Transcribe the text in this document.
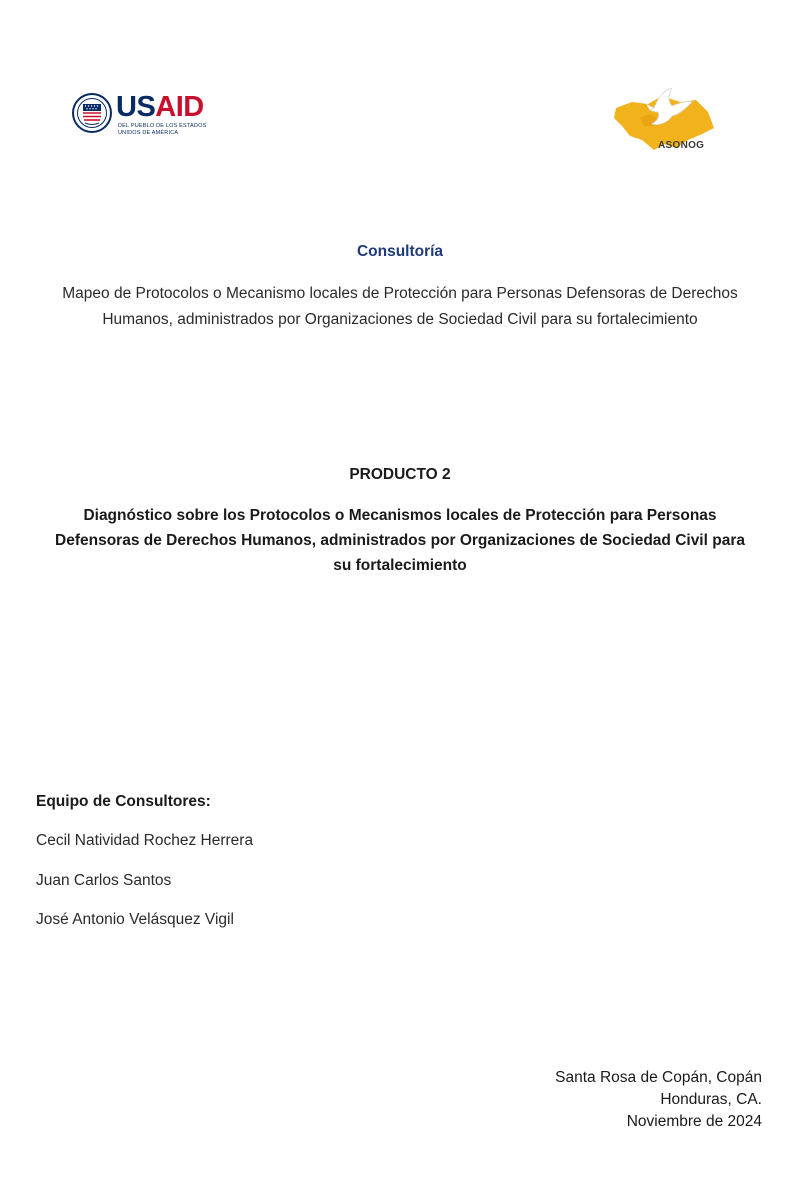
USAID
DEL PUEBLO DE LOS ESTADOS UNIDOS DE AMÉRICA
ASONOG
Consultoría
Mapeo de Protocolos o Mecanismo locales de Protección para Personas Defensoras de Derechos
Humanos, administrados por Organizaciones de Sociedad Civil para su fortalecimiento
PRODUCTO 2
Diagnóstico sobre los Protocolos o Mecanismos locales de Protección para Personas
Defensoras de Derechos Humanos, administrados por Organizaciones de Sociedad Civil para
su fortalecimiento
Equipo de Consultores:
Cecil Natividad Rochez Herrera
Juan Carlos Santos
José Antonio Velásquez Vigil
Santa Rosa de Copán, Copán
Honduras, CA.
Noviembre de 2024
